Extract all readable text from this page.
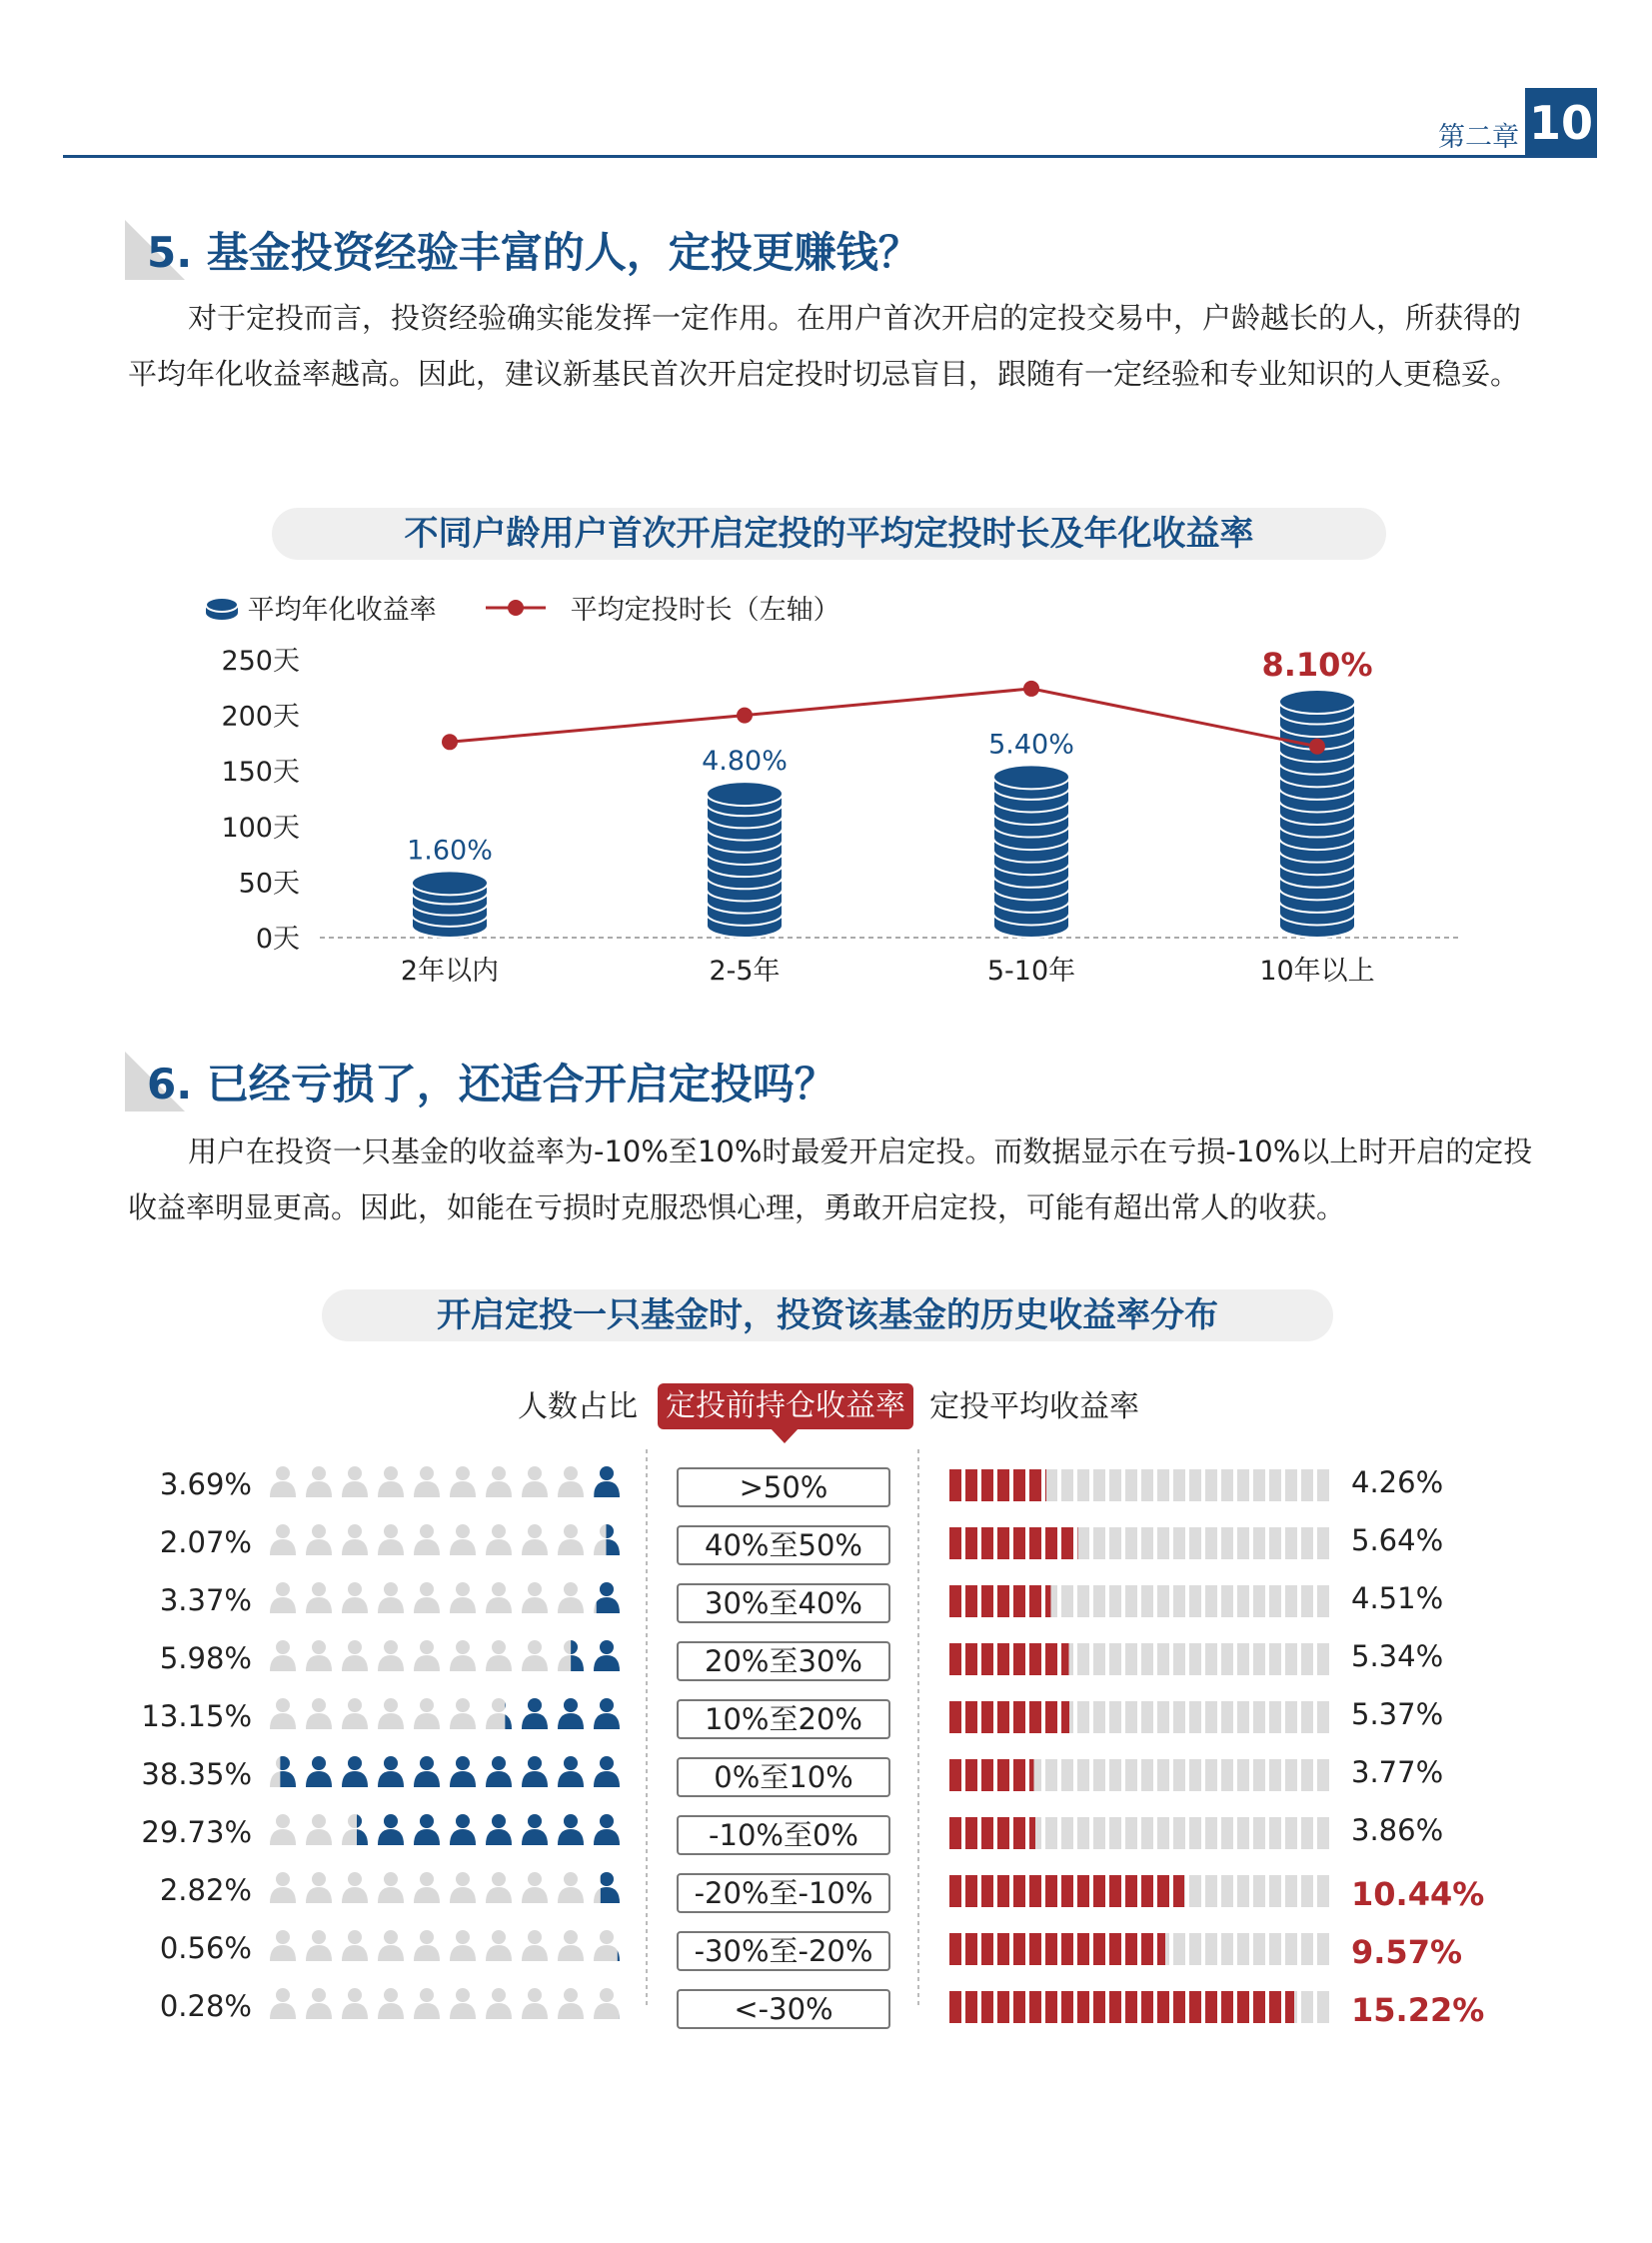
第二章 10
5. 基金投资经验丰富的人，定投更赚钱？

对于定投而言，投资经验确实能发挥一定作用。在用户首次开启的定投交易中，户龄越长的人，所获得的平均年化收益率越高。因此，建议新基民首次开启定投时切忌盲目，跟随有一定经验和专业知识的人更稳妥。

不同户龄用户首次开启定投的平均定投时长及年化收益率
平均年化收益率	平均定投时长（左轴）
0天
50天
100天
150天
200天
250天
1.60%
2年以内
4.80%
2-5年
5.40%
5-10年
8.10%
10年以上
6. 已经亏损了，还适合开启定投吗？

用户在投资一只基金的收益率为-10%至10%时最爱开启定投。而数据显示在亏损-10%以上时开启的定投收益率明显更高。因此，如能在亏损时克服恐惧心理，勇敢开启定投，可能有超出常人的收获。

开启定投一只基金时，投资该基金的历史收益率分布
人数占比 定投前持仓收益率 定投平均收益率
3.69%	>50%	4.26%
2.07%	40%至50%	5.64%
3.37%	30%至40%	4.51%
5.98%	20%至30%	5.34%
13.15%	10%至20%	5.37%
38.35%	0%至10%	3.77%
29.73%	-10%至0%	3.86%
2.82%	-20%至-10%	10.44%
0.56%	-30%至-20%	9.57%
0.28%	<-30%	15.22%
